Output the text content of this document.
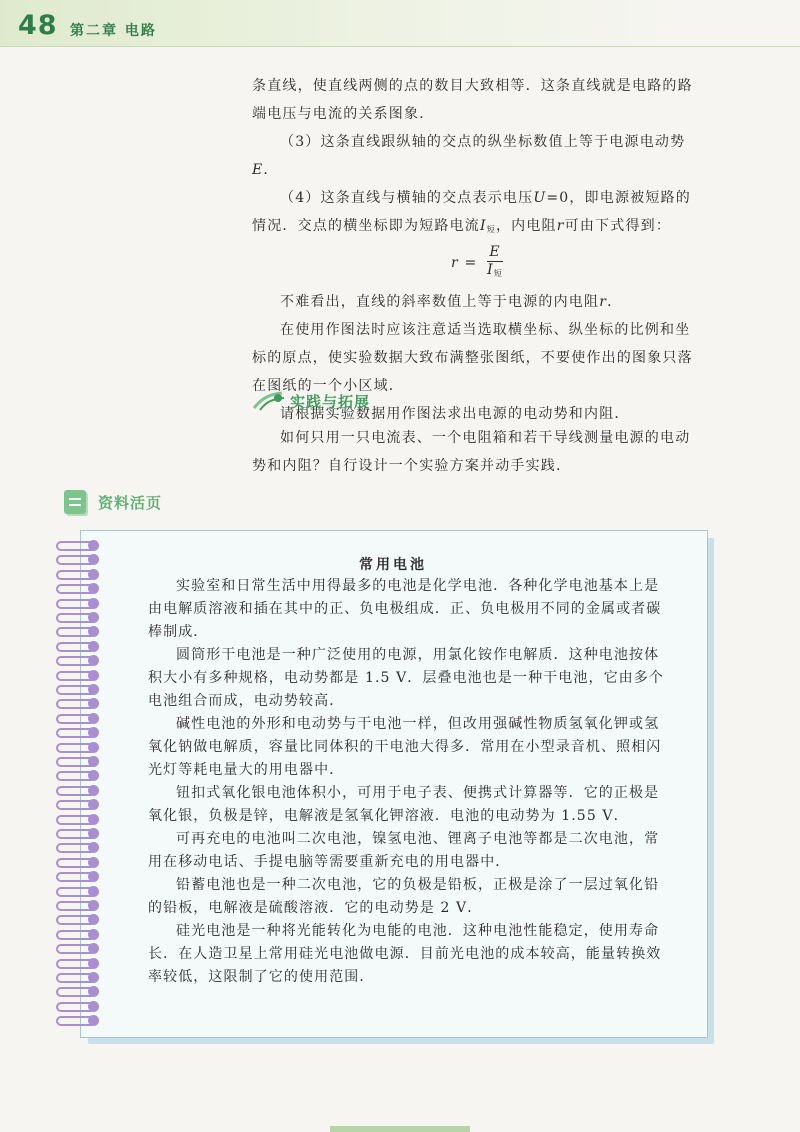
48 第二章 电路

条直线，使直线两侧的点的数目大致相等．这条直线就是电路的路端电压与电流的关系图象．

（3）这条直线跟纵轴的交点的纵坐标数值上等于电源电动势E．

（4）这条直线与横轴的交点表示电压U=0，即电源被短路的情况．交点的横坐标即为短路电流$I_短$，内电阻r可由下式得到：

$r = \frac{E}{I_短}$

不难看出，直线的斜率数值上等于电源的内电阻r．

在使用作图法时应该注意适当选取横坐标、纵坐标的比例和坐标的原点，使实验数据大致布满整张图纸，不要使作出的图象只落在图纸的一个小区域．

请根据实验数据用作图法求出电源的电动势和内阻．

实践与拓展

如何只用一只电流表、一个电阻箱和若干导线测量电源的电动势和内阻？自行设计一个实验方案并动手实践．

资料活页
常用电池

实验室和日常生活中用得最多的电池是化学电池．各种化学电池基本上是由电解质溶液和插在其中的正、负电极组成．正、负电极用不同的金属或者碳棒制成．

圆筒形干电池是一种广泛使用的电源，用氯化铵作电解质．这种电池按体积大小有多种规格，电动势都是 1.5 V．层叠电池也是一种干电池，它由多个电池组合而成，电动势较高．

碱性电池的外形和电动势与干电池一样，但改用强碱性物质氢氧化钾或氢氧化钠做电解质，容量比同体积的干电池大得多．常用在小型录音机、照相闪光灯等耗电量大的用电器中．

钮扣式氧化银电池体积小，可用于电子表、便携式计算器等．它的正极是氧化银，负极是锌，电解液是氢氧化钾溶液．电池的电动势为 1.55 V．

可再充电的电池叫二次电池，镍氢电池、锂离子电池等都是二次电池，常用在移动电话、手提电脑等需要重新充电的用电器中．

铅蓄电池也是一种二次电池，它的负极是铅板，正极是涂了一层过氧化铅的铅板，电解液是硫酸溶液．它的电动势是 2 V．

硅光电池是一种将光能转化为电能的电池．这种电池性能稳定，使用寿命长．在人造卫星上常用硅光电池做电源．目前光电池的成本较高，能量转换效率较低，这限制了它的使用范围．
